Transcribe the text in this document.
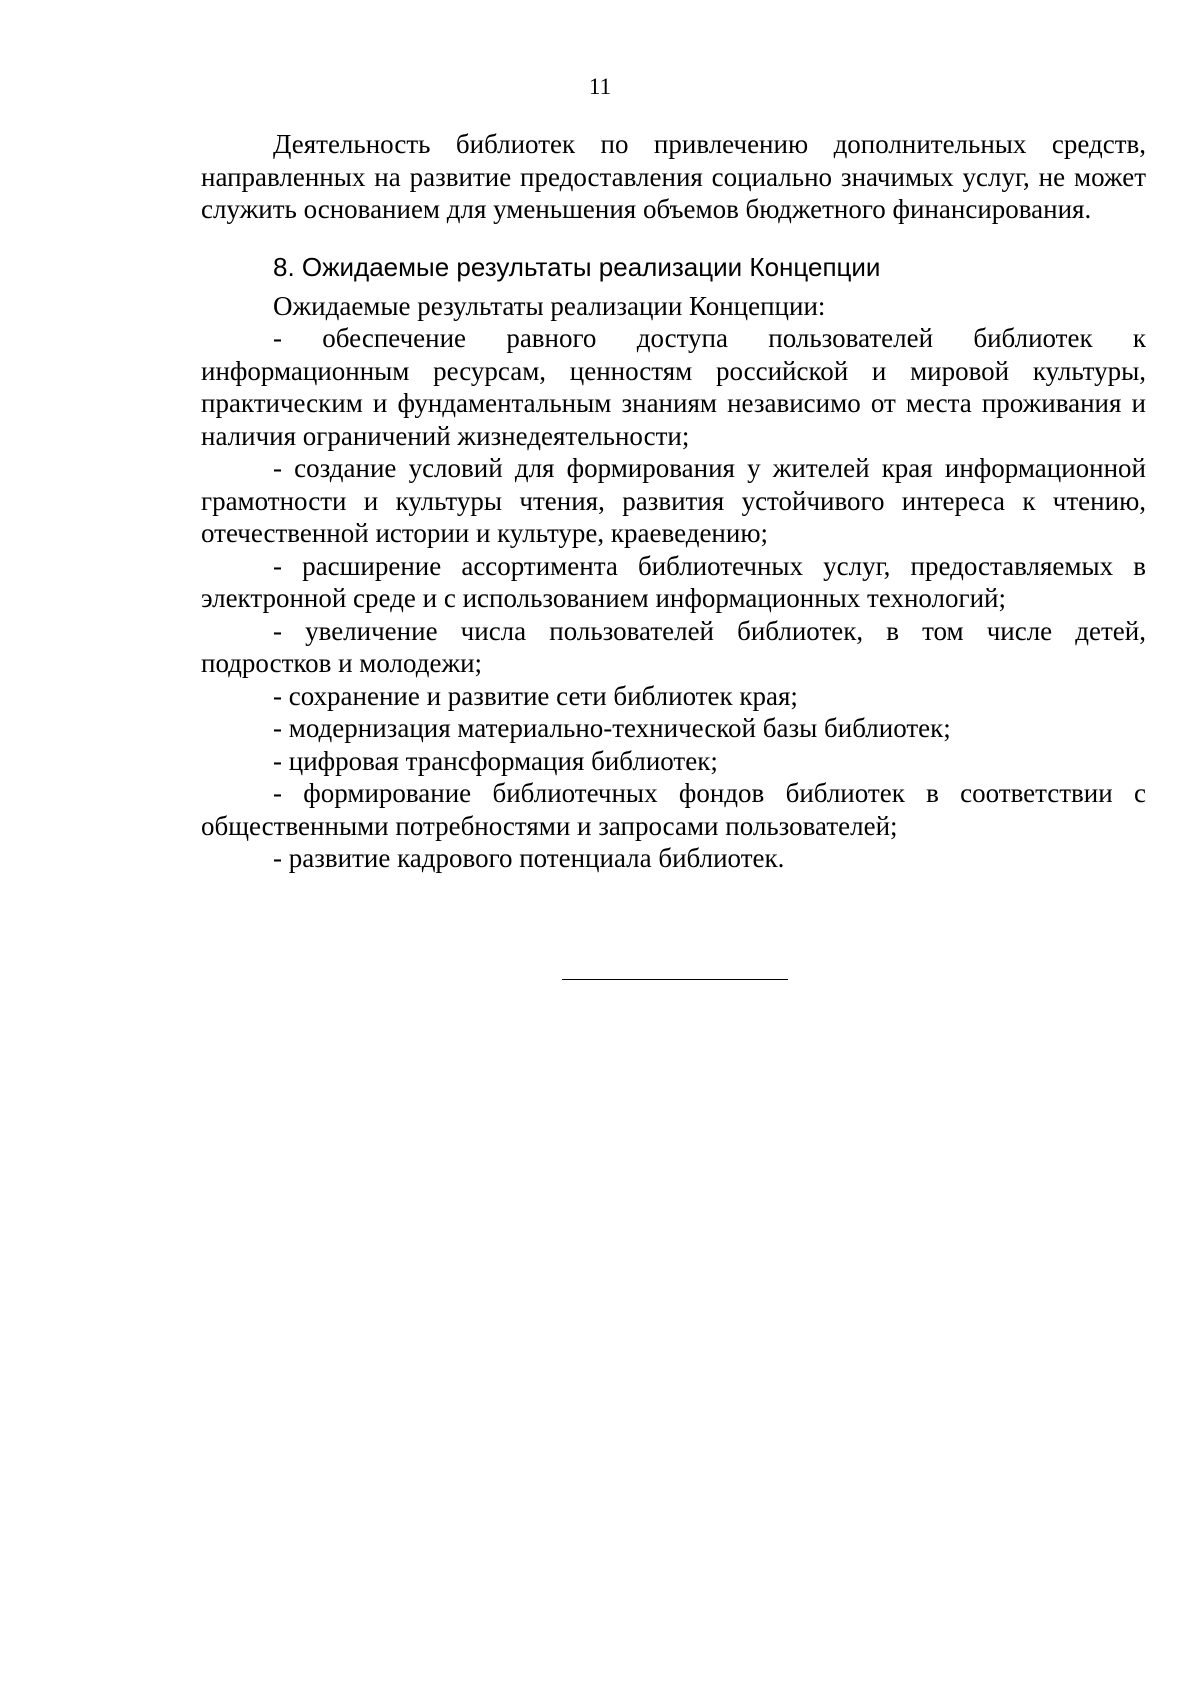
11

Деятельность библиотек по привлечению дополнительных средств, направленных на развитие предоставления социально значимых услуг, не может служить основанием для уменьшения объемов бюджетного финансирования.

8. Ожидаемые результаты реализации Концепции

Ожидаемые результаты реализации Концепции:

- обеспечение равного доступа пользователей библиотек к информационным ресурсам, ценностям российской и мировой культуры, практическим и фундаментальным знаниям независимо от места проживания и наличия ограничений жизнедеятельности;
- создание условий для формирования у жителей края информационной грамотности и культуры чтения, развития устойчивого интереса к чтению, отечественной истории и культуре, краеведению;
- расширение ассортимента библиотечных услуг, предоставляемых в электронной среде и с использованием информационных технологий;
- увеличение числа пользователей библиотек, в том числе детей, подростков и молодежи;
- сохранение и развитие сети библиотек края;
- модернизация материально-технической базы библиотек;
- цифровая трансформация библиотек;
- формирование библиотечных фондов библиотек в соответствии с общественными потребностями и запросами пользователей;
- развитие кадрового потенциала библиотек.
